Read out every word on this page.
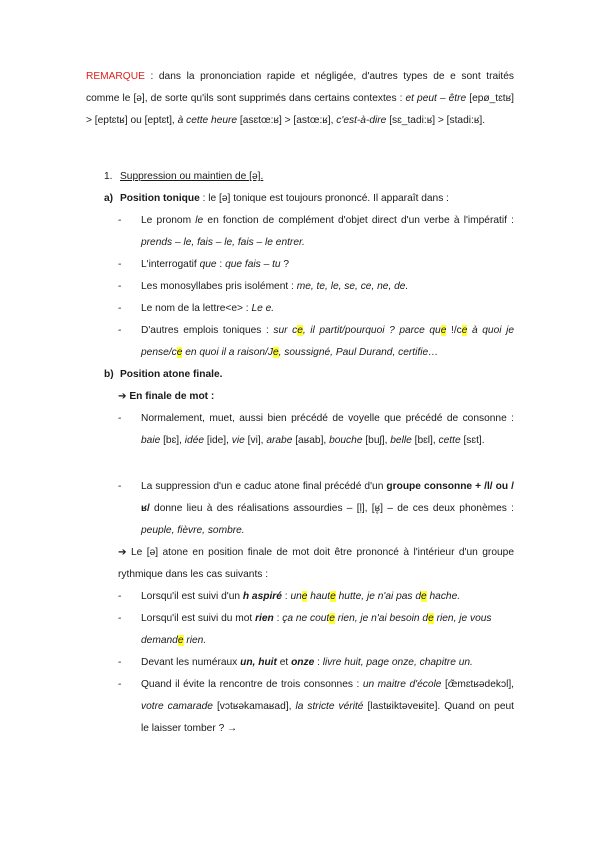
REMARQUE : dans la prononciation rapide et négligée, d'autres types de e sont traités comme le [ə], de sorte qu'ils sont supprimés dans certains contextes : et peut – être [epø_tɛtʁ] > [eptɛtʁ] ou [eptɛt], à cette heure [asɛtœ:ʁ] > [astœ:ʁ], c'est-à-dire [sɛ_tadi:ʁ] > [stadi:ʁ].

1. Suppression ou maintien de [ə].
a) Position tonique : le [ə] tonique est toujours prononcé. Il apparaît dans :
-	Le pronom le en fonction de complément d'objet direct d'un verbe à l'impératif : prends – le, fais – le, fais – le entrer.

-	L'interrogatif que : que fais – tu ?

-	Les monosyllabes pris isolément : me, te, le, se, ce, ne, de.

-	Le nom de la lettre<e> : Le e.

-	D'autres emplois toniques : sur ce, il partit/pourquoi ? parce que !/ce à quoi je pense/ce en quoi il a raison/Je, soussigné, Paul Durand, certifie…

b) Position atone finale.
➔ En finale de mot :
-	Normalement, muet, aussi bien précédé de voyelle que précédé de consonne : baie [bɛ], idée [ide], vie [vi], arabe [aʁab], bouche [buʃ], belle [bɛl], cette [sɛt].

-	La suppression d'un e caduc atone final précédé d'un groupe consonne + /l/ ou /ʁ/ donne lieu à des réalisations assourdies – [ḷ], [ʁ̥] – de ces deux phonèmes : peuple, fièvre, sombre.

➔ Le [ə] atone en position finale de mot doit être prononcé à l'intérieur d'un groupe rythmique dans les cas suivants :

-	Lorsqu'il est suivi d'un h aspiré : une haute hutte, je n'ai pas de hache.

-	Lorsqu'il est suivi du mot rien : ça ne coute rien, je n'ai besoin de rien, je vous demande rien.

-	Devant les numéraux un, huit et onze : livre huit, page onze, chapitre un.

-	Quand il évite la rencontre de trois consonnes : un maitre d'école [œ̃mɛtʁədekɔl], votre camarade [vɔtʁəkamaʁad], la stricte vérité [lastʁiktəveʁite]. Quand on peut le laisser tomber ? →
